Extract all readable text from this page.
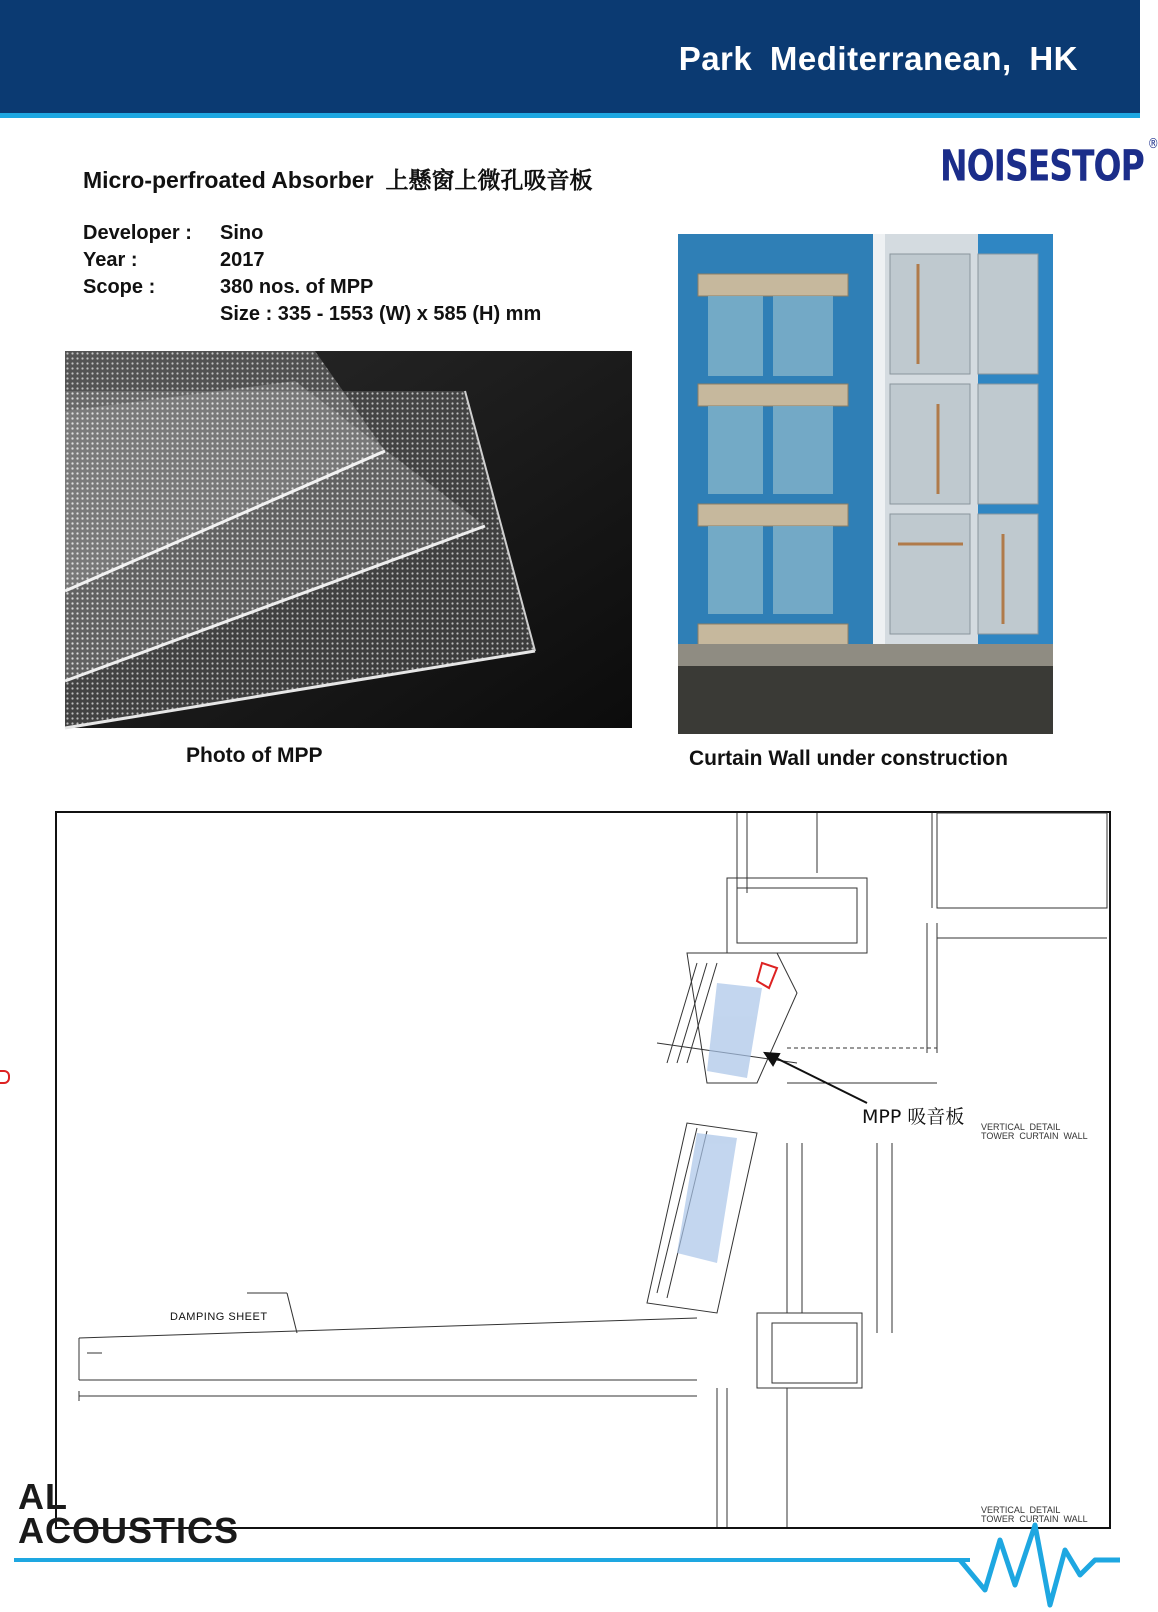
Park Mediterranean, HK
NOISESTOP ®
Micro-perfroated Absorber 上懸窗上微孔吸音板
Developer :	Sino
Year :	2017
Scope :	380 nos. of MPP
Size : 335 - 1553 (W) x 585 (H) mm
Photo of MPP	Curtain Wall under construction
MPP 吸音板
DAMPING SHEET
VERTICAL  DETAIL
TOWER  CURTAIN  WALL
VERTICAL  DETAIL
TOWER  CURTAIN  WALL
AL
ACOUSTICS
